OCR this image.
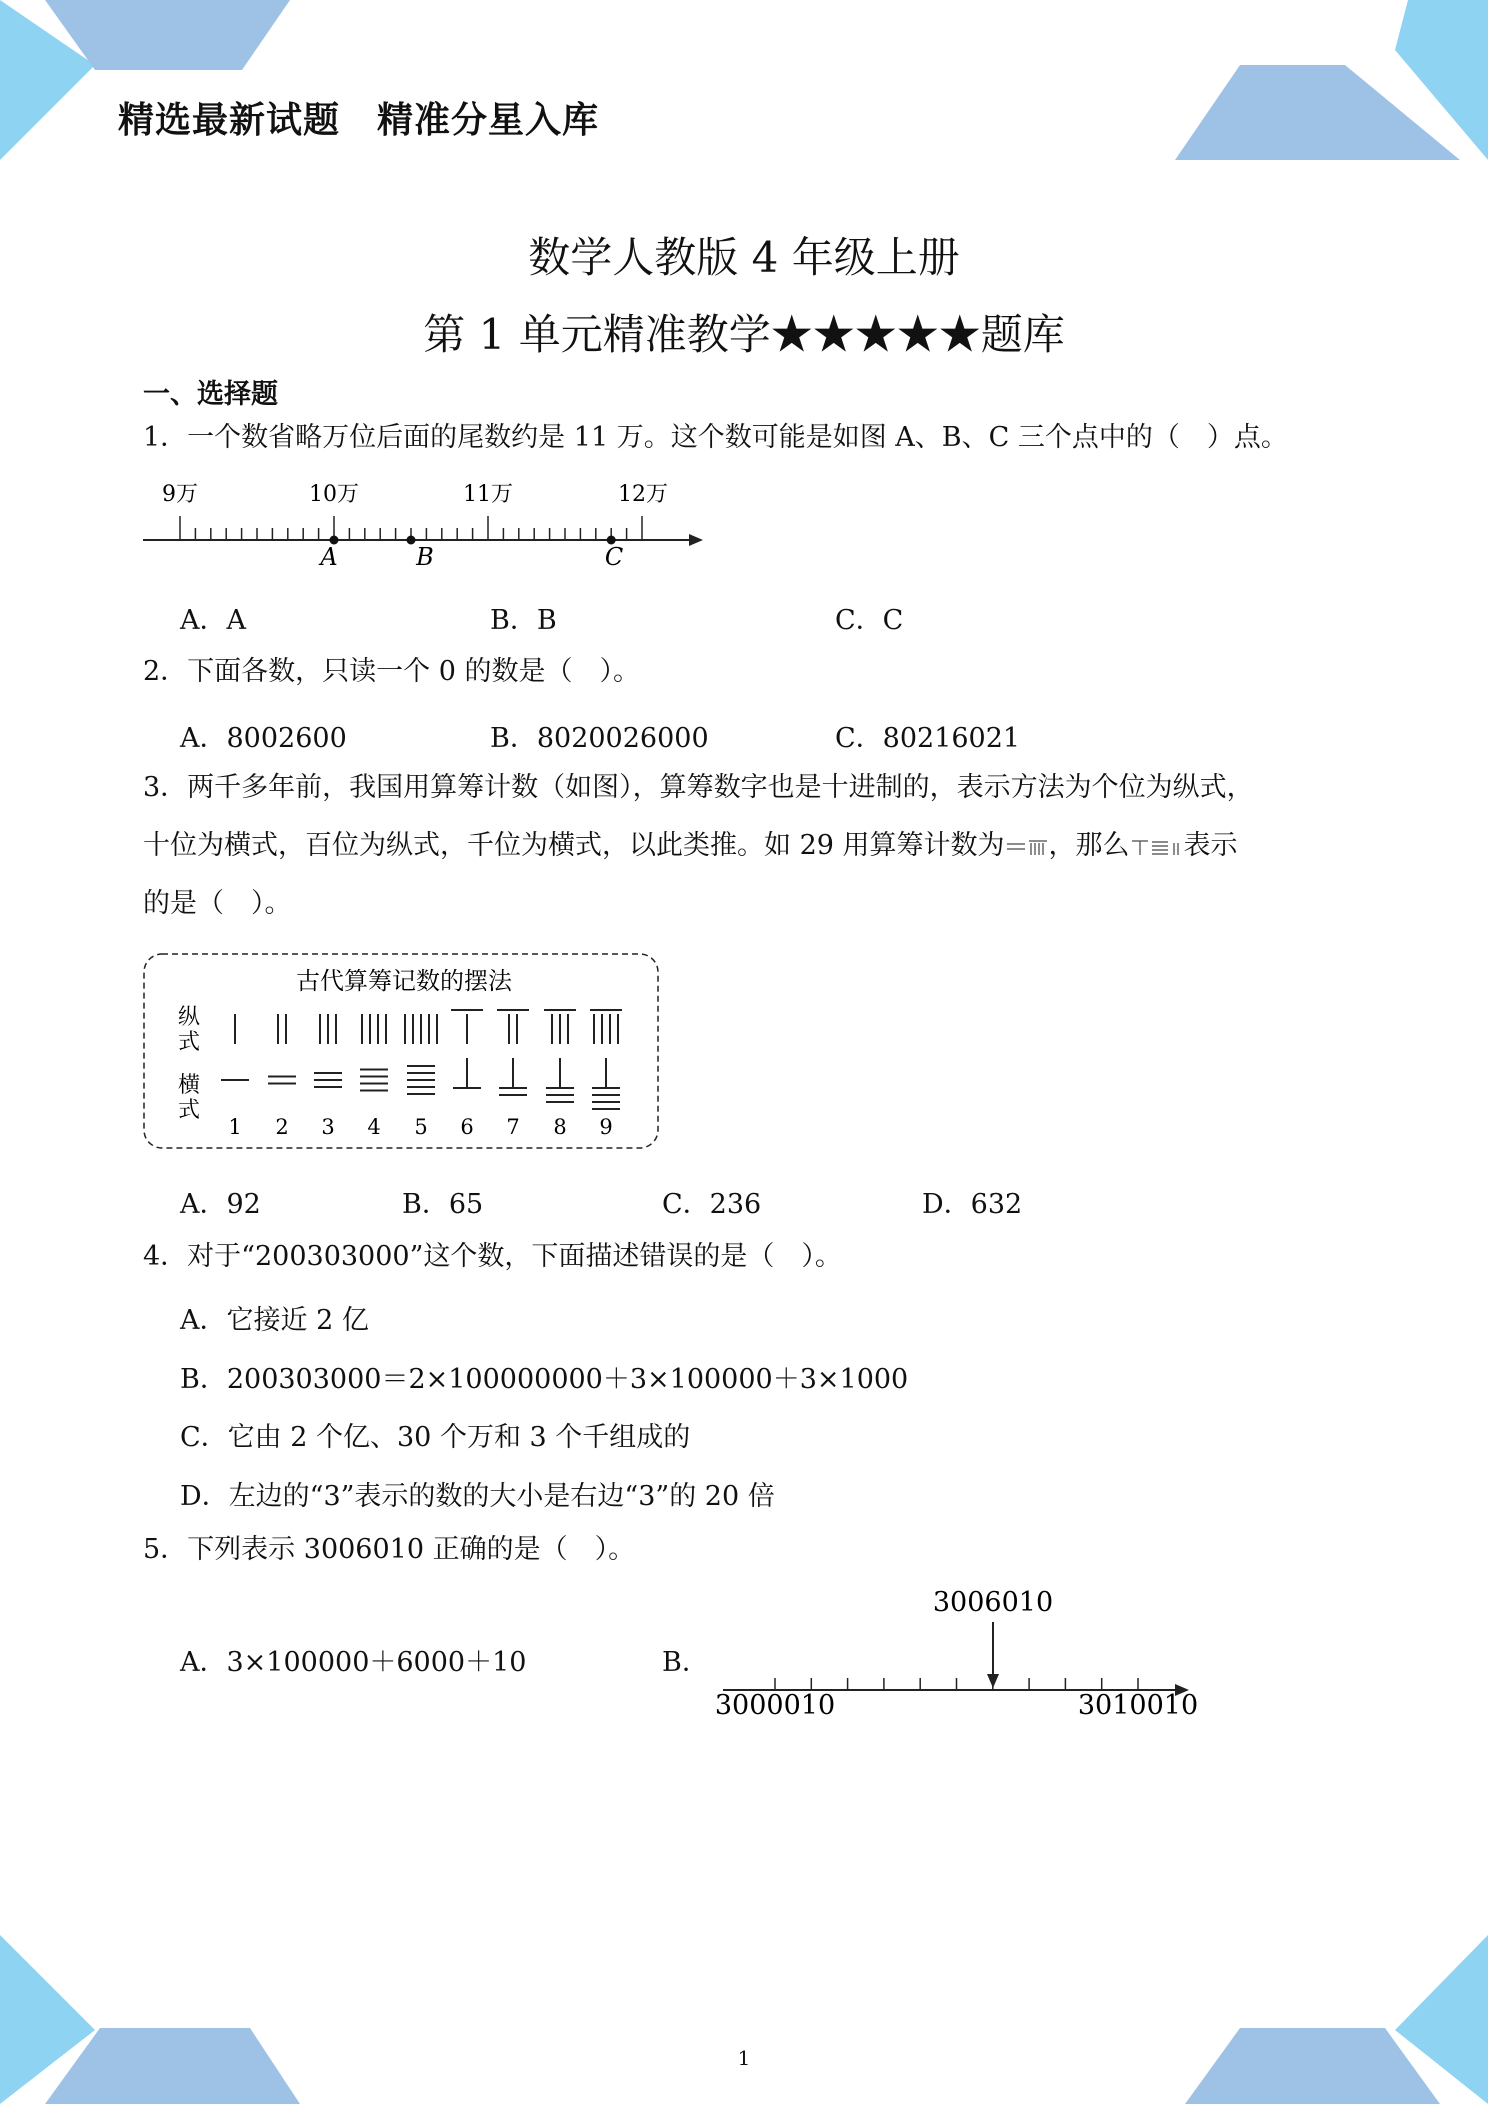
精选最新试题　精准分星入库
数学人教版 4 年级上册
第 1 单元精准教学★★★★★题库
一、选择题
1．一个数省略万位后面的尾数约是 11 万。这个数可能是如图 A、B、C 三个点中的（　）点。
9万	10万	11万	12万
A	B	C
A．A	B．B	C．C
2．下面各数，只读一个 0 的数是（　）。
A．8002600	B．8020026000	C．80216021
3．两千多年前，我国用算筹计数（如图），算筹数字也是十进制的，表示方法为个位为纵式，
十位为横式，百位为纵式，千位为横式，以此类推。如 29 用算筹计数为 ，那么 表示
的是（　）。
古代算筹记数的摆法
纵
式
横
式
1 2 3 4 5 6 7 8 9
A．92	B．65	C．236	D．632
4．对于“200303000”这个数，下面描述错误的是（　）。
A．它接近 2 亿
B．200303000＝2×100000000＋3×100000＋3×1000
C．它由 2 个亿、30 个万和 3 个千组成的
D．左边的“3”表示的数的大小是右边“3”的 20 倍
5．下列表示 3006010 正确的是（　）。
A．3×100000＋6000＋10	B．
3006010
3000010	3010010
1
